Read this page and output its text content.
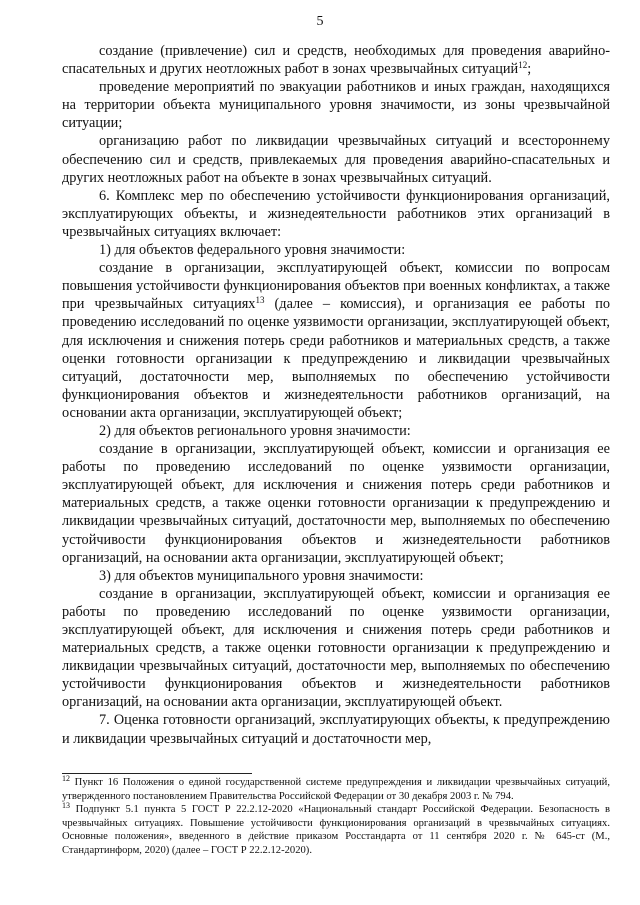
5

создание (привлечение) сил и средств, необходимых для проведения аварийно-спасательных и других неотложных работ в зонах чрезвычайных ситуаций$^{12}$;

проведение мероприятий по эвакуации работников и иных граждан, находящихся на территории объекта муниципального уровня значимости, из зоны чрезвычайной ситуации;

организацию работ по ликвидации чрезвычайных ситуаций и всестороннему обеспечению сил и средств, привлекаемых для проведения аварийно-спасательных и других неотложных работ на объекте в зонах чрезвычайных ситуаций.

6. Комплекс мер по обеспечению устойчивости функционирования организаций, эксплуатирующих объекты, и жизнедеятельности работников этих организаций в чрезвычайных ситуациях включает:

1) для объектов федерального уровня значимости:

создание в организации, эксплуатирующей объект, комиссии по вопросам повышения устойчивости функционирования объектов при военных конфликтах, а также при чрезвычайных ситуациях$^{13}$ (далее – комиссия), и организация ее работы по проведению исследований по оценке уязвимости организации, эксплуатирующей объект, для исключения и снижения потерь среди работников и материальных средств, а также оценки готовности организации к предупреждению и ликвидации чрезвычайных ситуаций, достаточности мер, выполняемых по обеспечению устойчивости функционирования объектов и жизнедеятельности работников организаций, на основании акта организации, эксплуатирующей объект;

2) для объектов регионального уровня значимости:

создание в организации, эксплуатирующей объект, комиссии и организация ее работы по проведению исследований по оценке уязвимости организации, эксплуатирующей объект, для исключения и снижения потерь среди работников и материальных средств, а также оценки готовности организации к предупреждению и ликвидации чрезвычайных ситуаций, достаточности мер, выполняемых по обеспечению устойчивости функционирования объектов и жизнедеятельности работников организаций, на основании акта организации, эксплуатирующей объект;

3) для объектов муниципального уровня значимости:

создание в организации, эксплуатирующей объект, комиссии и организация ее работы по проведению исследований по оценке уязвимости организации, эксплуатирующей объект, для исключения и снижения потерь среди работников и материальных средств, а также оценки готовности организации к предупреждению и ликвидации чрезвычайных ситуаций, достаточности мер, выполняемых по обеспечению устойчивости функционирования объектов и жизнедеятельности работников организаций, на основании акта организации, эксплуатирующей объект.

7. Оценка готовности организаций, эксплуатирующих объекты, к предупреждению и ликвидации чрезвычайных ситуаций и достаточности мер,

$^{12}$ Пункт 16 Положения о единой государственной системе предупреждения и ликвидации чрезвычайных ситуаций, утвержденного постановлением Правительства Российской Федерации от 30 декабря 2003 г. № 794.

$^{13}$ Подпункт 5.1 пункта 5 ГОСТ Р 22.2.12-2020 «Национальный стандарт Российской Федерации. Безопасность в чрезвычайных ситуациях. Повышение устойчивости функционирования организаций в чрезвычайных ситуациях. Основные положения», введенного в действие приказом Росстандарта от 11 сентября 2020 г. № 645-ст (М., Стандартинформ, 2020) (далее – ГОСТ Р 22.2.12-2020).
